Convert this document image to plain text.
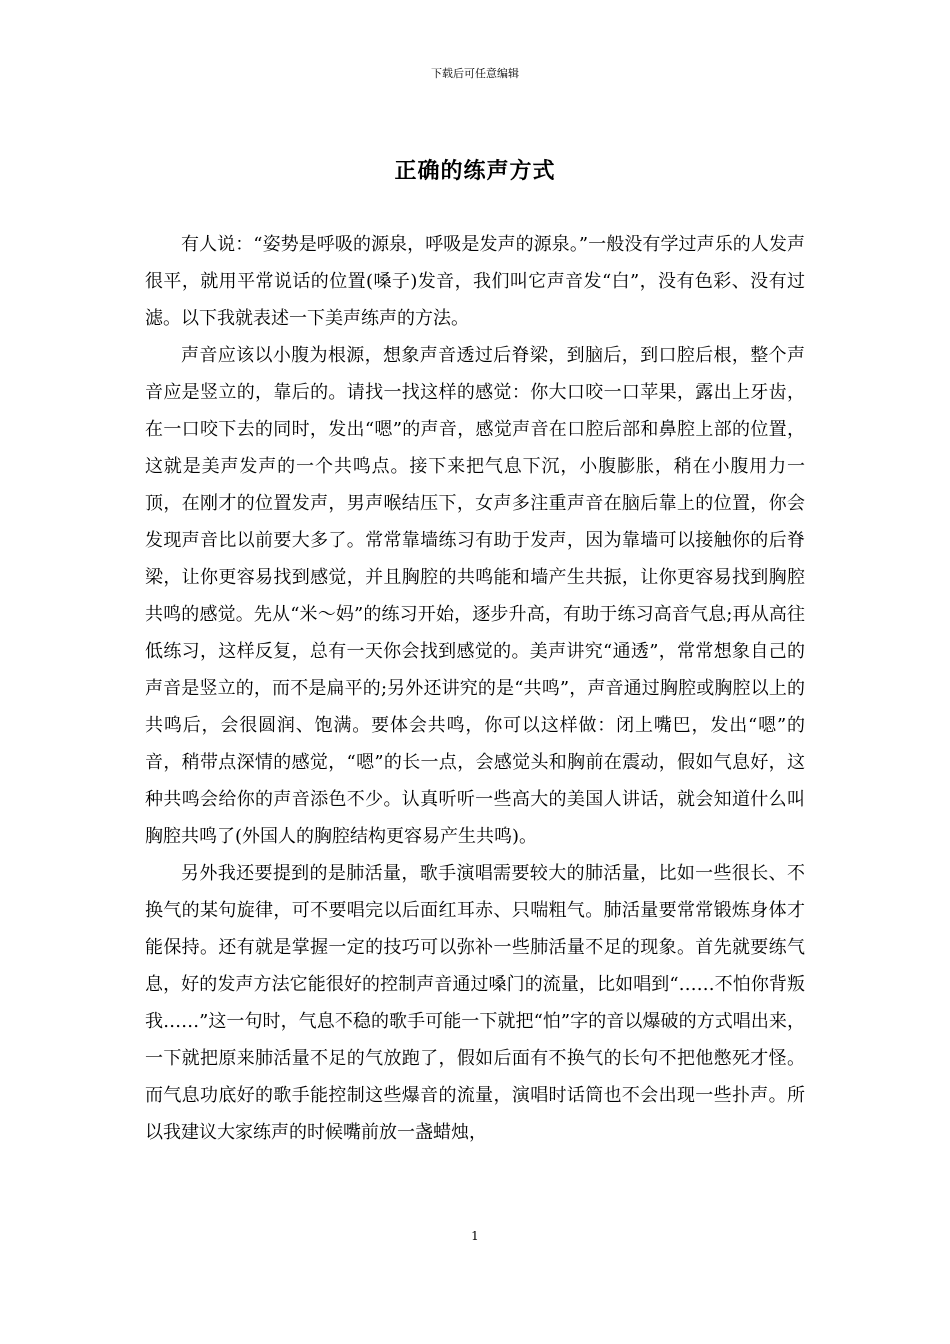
下载后可任意编辑
正确的练声方式

有人说：“姿势是呼吸的源泉，呼吸是发声的源泉。”一般没有学过声乐的人发声很平，就用平常说话的位置(嗓子)发音，我们叫它声音发“白”，没有色彩、没有过滤。以下我就表述一下美声练声的方法。

声音应该以小腹为根源，想象声音透过后脊梁，到脑后，到口腔后根，整个声音应是竖立的，靠后的。请找一找这样的感觉：你大口咬一口苹果，露出上牙齿，在一口咬下去的同时，发出“嗯”的声音，感觉声音在口腔后部和鼻腔上部的位置，这就是美声发声的一个共鸣点。接下来把气息下沉，小腹膨胀，稍在小腹用力一顶，在刚才的位置发声，男声喉结压下，女声多注重声音在脑后靠上的位置，你会发现声音比以前要大多了。常常靠墙练习有助于发声，因为靠墙可以接触你的后脊梁，让你更容易找到感觉，并且胸腔的共鸣能和墙产生共振，让你更容易找到胸腔共鸣的感觉。先从“米～妈”的练习开始，逐步升高，有助于练习高音气息;再从高往低练习，这样反复，总有一天你会找到感觉的。美声讲究“通透”，常常想象自己的声音是竖立的，而不是扁平的;另外还讲究的是“共鸣”，声音通过胸腔或胸腔以上的共鸣后，会很圆润、饱满。要体会共鸣，你可以这样做：闭上嘴巴，发出“嗯”的音，稍带点深情的感觉，“嗯”的长一点，会感觉头和胸前在震动，假如气息好，这种共鸣会给你的声音添色不少。认真听听一些高大的美国人讲话，就会知道什么叫胸腔共鸣了(外国人的胸腔结构更容易产生共鸣)。

另外我还要提到的是肺活量，歌手演唱需要较大的肺活量，比如一些很长、不换气的某句旋律，可不要唱完以后面红耳赤、只喘粗气。肺活量要常常锻炼身体才能保持。还有就是掌握一定的技巧可以弥补一些肺活量不足的现象。首先就要练气息，好的发声方法它能很好的控制声音通过嗓门的流量，比如唱到“……不怕你背叛我……”这一句时，气息不稳的歌手可能一下就把“怕”字的音以爆破的方式唱出来，一下就把原来肺活量不足的气放跑了，假如后面有不换气的长句不把他憋死才怪。而气息功底好的歌手能控制这些爆音的流量，演唱时话筒也不会出现一些扑声。所以我建议大家练声的时候嘴前放一盏蜡烛，

1
